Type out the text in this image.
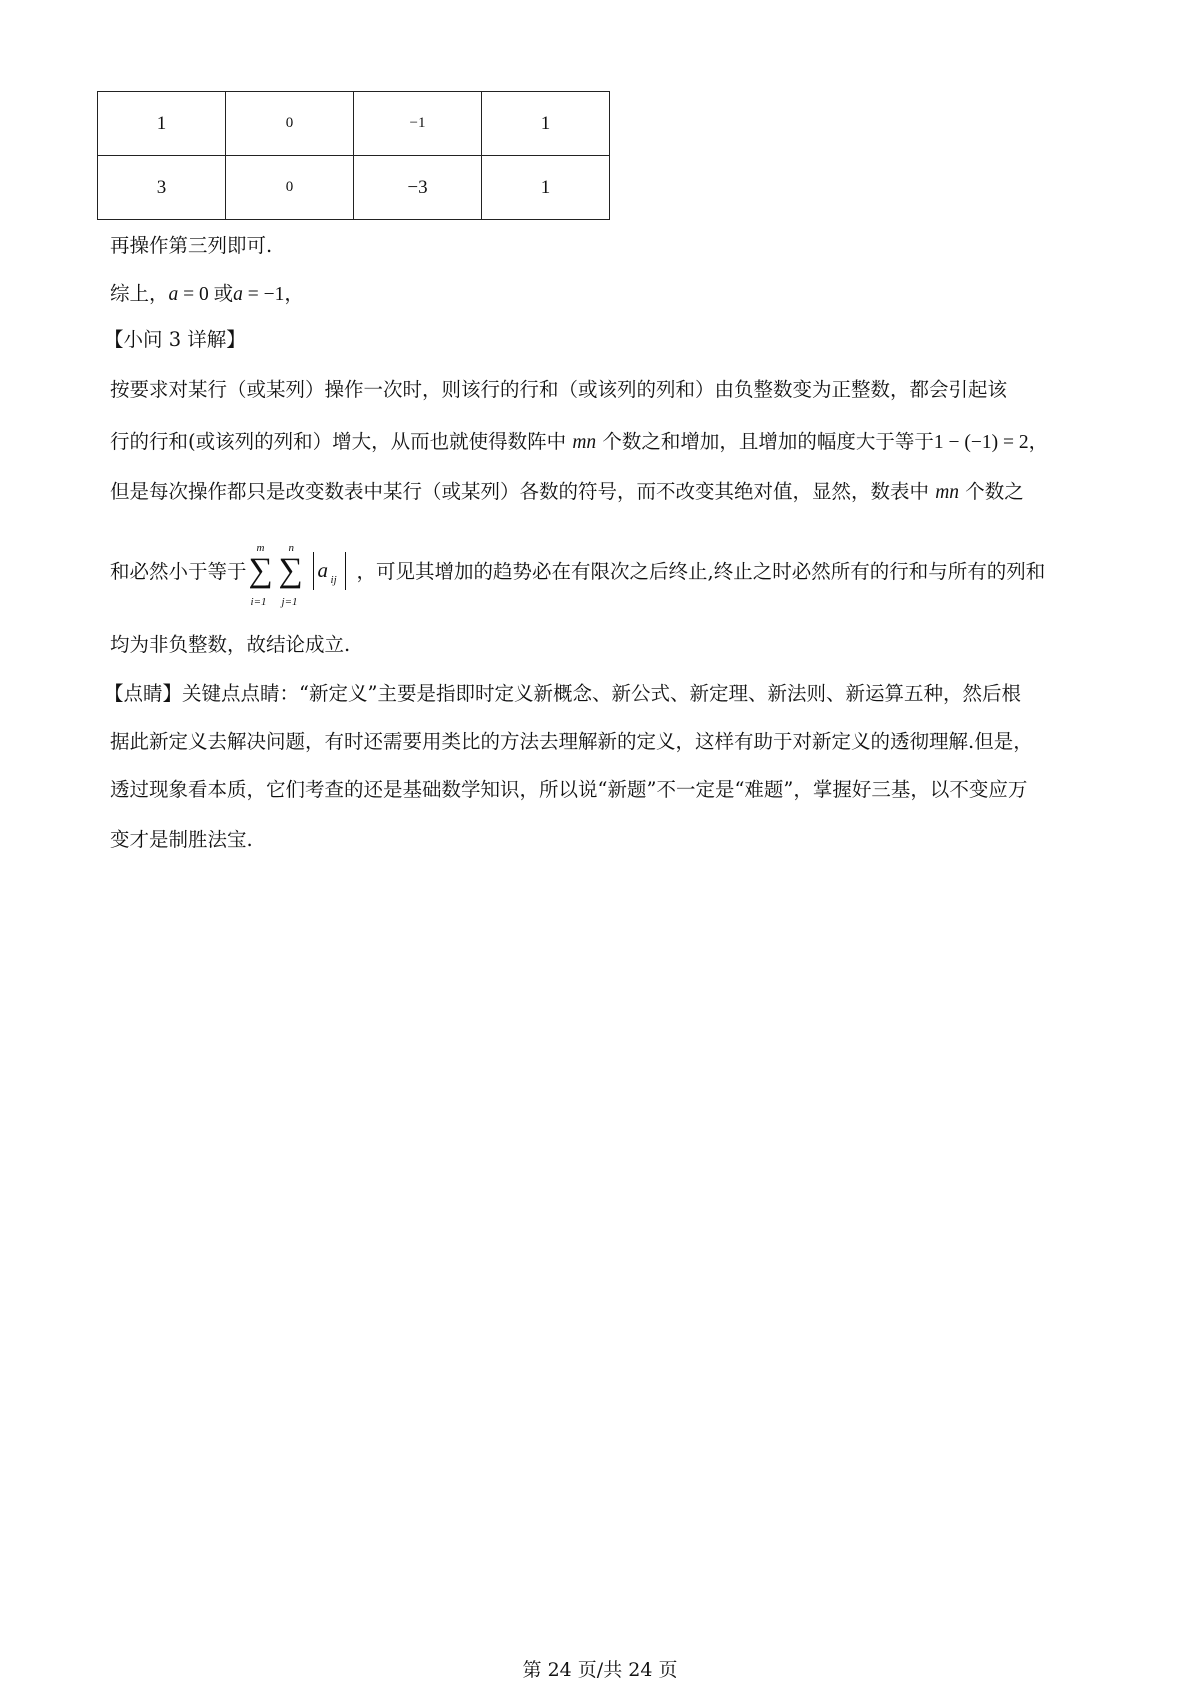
1	0	−1	1
3	0	−3	1
再操作第三列即可.
综上，a = 0 或a = −1，
【小问 3 详解】
按要求对某行（或某列）操作一次时，则该行的行和（或该列的列和）由负整数变为正整数，都会引起该
行的行和(或该列的列和）增大，从而也就使得数阵中 mn 个数之和增加，且增加的幅度大于等于1 − (−1) = 2，
但是每次操作都只是改变数表中某行（或某列）各数的符号，而不改变其绝对值，显然，数表中 mn 个数之
和必然小于等于
m
∑
i=1
n
∑
j=1
a ij ，可见其增加的趋势必在有限次之后终止,终止之时必然所有的行和与所有的列和
均为非负整数，故结论成立.
【点睛】关键点点睛：“新定义”主要是指即时定义新概念、新公式、新定理、新法则、新运算五种，然后根
据此新定义去解决问题，有时还需要用类比的方法去理解新的定义，这样有助于对新定义的透彻理解.但是，
透过现象看本质，它们考查的还是基础数学知识，所以说“新题”不一定是“难题”，掌握好三基，以不变应万
变才是制胜法宝.
第 24 页/共 24 页
